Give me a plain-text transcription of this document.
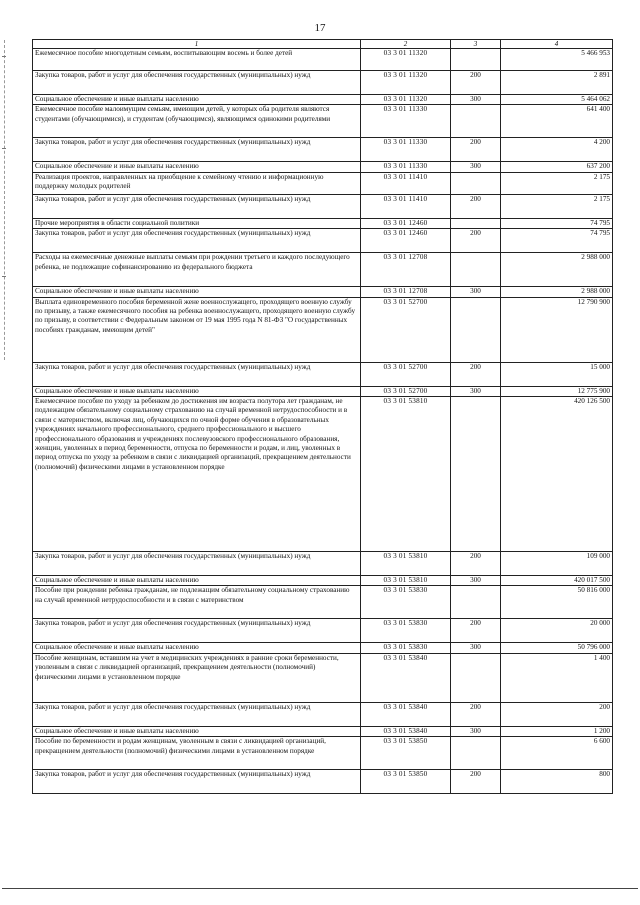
17
1	2	3	4
Ежемесячное пособие многодетным семьям, воспитывающим восемь и более детей	03 3 01 11320		5 466 953
Закупка товаров, работ и услуг для обеспечения государственных (муниципальных) нужд	03 3 01 11320	200	2 891
Социальное обеспечение и иные выплаты населению	03 3 01 11320	300	5 464 062
Ежемесячное пособие малоимущим семьям, имеющим детей, у которых оба родителя являются студентами (обучающимися), и студентам (обучающимся), являющимся одинокими родителями	03 3 01 11330		641 400
Закупка товаров, работ и услуг для обеспечения государственных (муниципальных) нужд	03 3 01 11330	200	4 200
Социальное обеспечение и иные выплаты населению	03 3 01 11330	300	637 200
Реализация проектов, направленных на приобщение к семейному чтению и информационную поддержку молодых родителей	03 3 01 11410		2 175
Закупка товаров, работ и услуг для обеспечения государственных (муниципальных) нужд	03 3 01 11410	200	2 175
Прочие мероприятия в области социальной политики	03 3 01 12460		74 795
Закупка товаров, работ и услуг для обеспечения государственных (муниципальных) нужд	03 3 01 12460	200	74 795
Расходы на ежемесячные денежные выплаты семьям при рождении третьего и каждого последующего ребенка, не подлежащие софинансированию из федерального бюджета	03 3 01 12708		2 988 000
Социальное обеспечение и иные выплаты населению	03 3 01 12708	300	2 988 000
Выплата единовременного пособия беременной жене военнослужащего, проходящего военную службу по призыву, а также ежемесячного пособия на ребенка военнослужащего, проходящего военную службу по призыву, в соответствии с Федеральным законом от 19 мая 1995 года N 81-ФЗ "О государственных пособиях гражданам, имеющим детей"	03 3 01 52700		12 790 900
Закупка товаров, работ и услуг для обеспечения государственных (муниципальных) нужд	03 3 01 52700	200	15 000
Социальное обеспечение и иные выплаты населению	03 3 01 52700	300	12 775 900
Ежемесячное пособие по уходу за ребенком до достижения им возраста полутора лет гражданам, не подлежащим обязательному социальному страхованию на случай временной нетрудоспособности и в связи с материнством, включая лиц, обучающихся по очной форме обучения в образовательных учреждениях начального профессионального, среднего профессионального и высшего профессионального образования и учреждениях послевузовского профессионального образования, женщин, уволенных в период беременности, отпуска по беременности и родам, и лиц, уволенных в период отпуска по уходу за ребенком в связи с ликвидацией организаций, прекращением деятельности (полномочий) физическими лицами в установленном порядке	03 3 01 53810		420 126 500
Закупка товаров, работ и услуг для обеспечения государственных (муниципальных) нужд	03 3 01 53810	200	109 000
Социальное обеспечение и иные выплаты населению	03 3 01 53810	300	420 017 500
Пособие при рождении ребенка гражданам, не подлежащим обязательному социальному страхованию на случай временной нетрудоспособности и в связи с материнством	03 3 01 53830		50 816 000
Закупка товаров, работ и услуг для обеспечения государственных (муниципальных) нужд	03 3 01 53830	200	20 000
Социальное обеспечение и иные выплаты населению	03 3 01 53830	300	50 796 000
Пособие женщинам, вставшим на учет в медицинских учреждениях в ранние сроки беременности, уволенным в связи с ликвидацией организаций, прекращением деятельности (полномочий) физическими лицами в установленном порядке	03 3 01 53840		1 400
Закупка товаров, работ и услуг для обеспечения государственных (муниципальных) нужд	03 3 01 53840	200	200
Социальное обеспечение и иные выплаты населению	03 3 01 53840	300	1 200
Пособие по беременности и родам женщинам, уволенным в связи с ликвидацией организаций, прекращением деятельности (полномочий) физическими лицами в установленном порядке	03 3 01 53850		6 600
Закупка товаров, работ и услуг для обеспечения государственных (муниципальных) нужд	03 3 01 53850	200	800
